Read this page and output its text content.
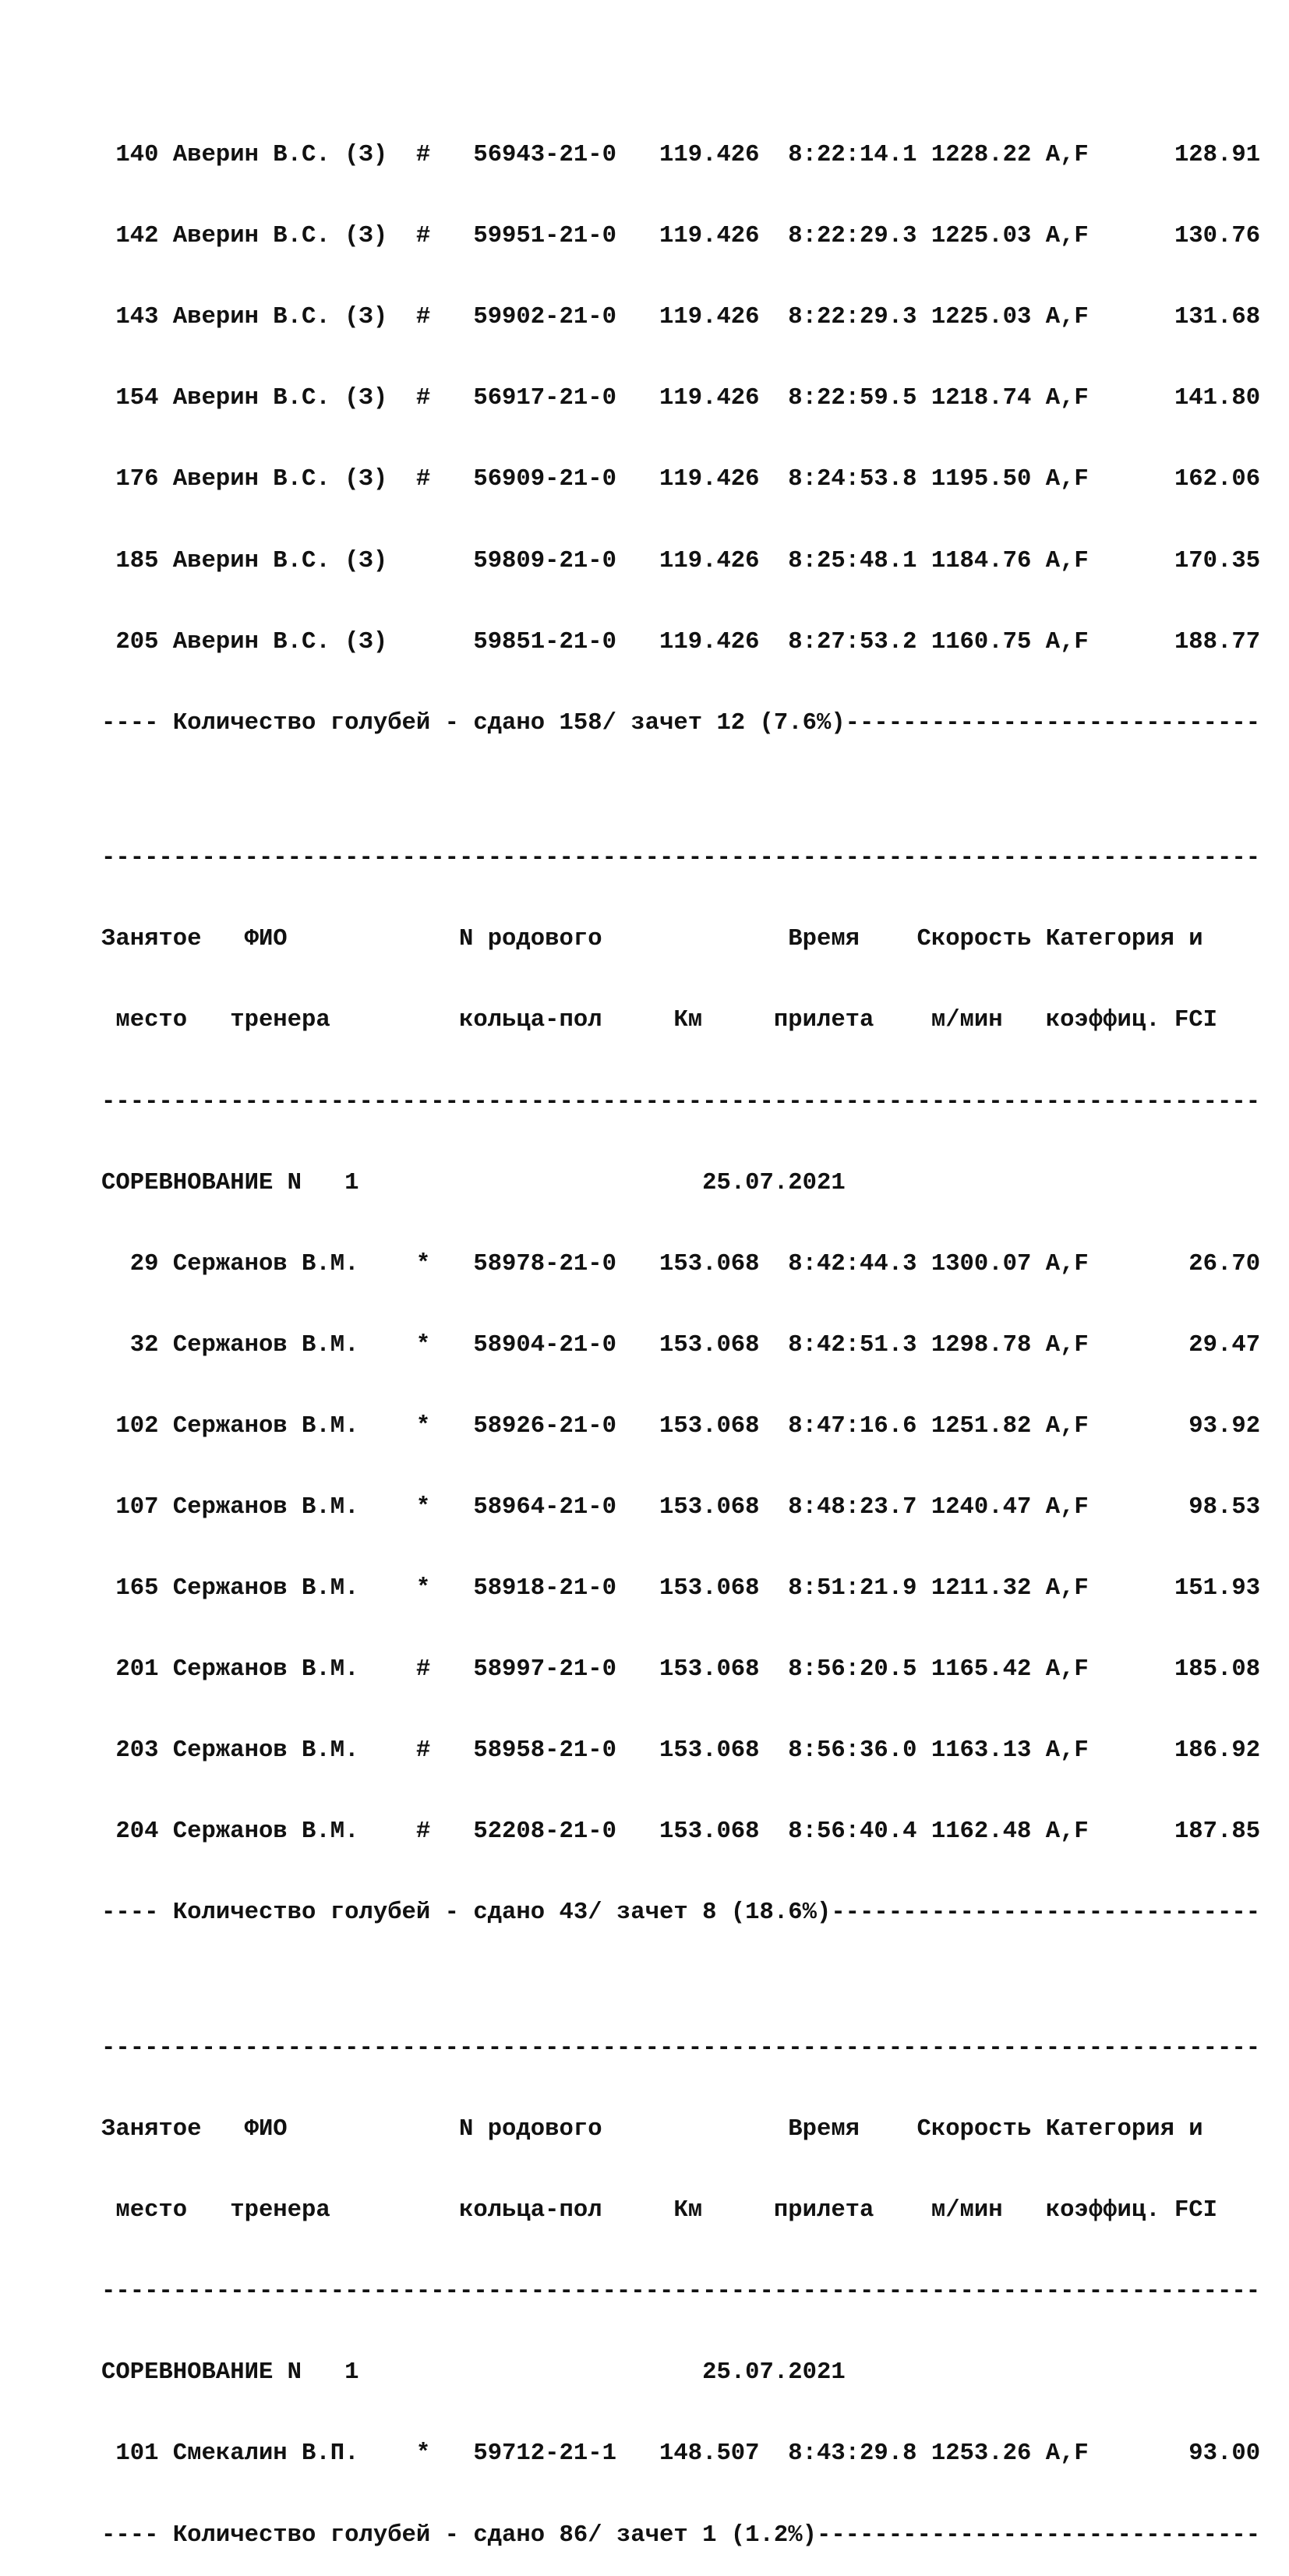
140 Аверин В.С. (З)  #   56943-21-0   119.426  8:22:14.1 1228.22 A,F      128.91

142 Аверин В.С. (З)  #   59951-21-0   119.426  8:22:29.3 1225.03 A,F      130.76

143 Аверин В.С. (З)  #   59902-21-0   119.426  8:22:29.3 1225.03 A,F      131.68

154 Аверин В.С. (З)  #   56917-21-0   119.426  8:22:59.5 1218.74 A,F      141.80

176 Аверин В.С. (З)  #   56909-21-0   119.426  8:24:53.8 1195.50 A,F      162.06

185 Аверин В.С. (З)      59809-21-0   119.426  8:25:48.1 1184.76 A,F      170.35

205 Аверин В.С. (З)      59851-21-0   119.426  8:27:53.2 1160.75 A,F      188.77

---- Количество голубей - сдано 158/ зачет 12 (7.6%)-----------------------------

---------------------------------------------------------------------------------

Занятое   ФИО            N родового             Время    Скорость Категория и

место   тренера         кольца-пол     Км     прилета    м/мин   коэффиц. FCI

---------------------------------------------------------------------------------

СОРЕВНОВАНИЕ N   1                        25.07.2021

29 Сержанов В.М.    *   58978-21-0   153.068  8:42:44.3 1300.07 A,F       26.70

32 Сержанов В.М.    *   58904-21-0   153.068  8:42:51.3 1298.78 A,F       29.47

102 Сержанов В.М.    *   58926-21-0   153.068  8:47:16.6 1251.82 A,F       93.92

107 Сержанов В.М.    *   58964-21-0   153.068  8:48:23.7 1240.47 A,F       98.53

165 Сержанов В.М.    *   58918-21-0   153.068  8:51:21.9 1211.32 A,F      151.93

201 Сержанов В.М.    #   58997-21-0   153.068  8:56:20.5 1165.42 A,F      185.08

203 Сержанов В.М.    #   58958-21-0   153.068  8:56:36.0 1163.13 A,F      186.92

204 Сержанов В.М.    #   52208-21-0   153.068  8:56:40.4 1162.48 A,F      187.85

---- Количество голубей - сдано 43/ зачет 8 (18.6%)------------------------------

---------------------------------------------------------------------------------

Занятое   ФИО            N родового             Время    Скорость Категория и

место   тренера         кольца-пол     Км     прилета    м/мин   коэффиц. FCI

---------------------------------------------------------------------------------

СОРЕВНОВАНИЕ N   1                        25.07.2021

101 Смекалин В.П.    *   59712-21-1   148.507  8:43:29.8 1253.26 A,F       93.00

---- Количество голубей - сдано 86/ зачет 1 (1.2%)-------------------------------
